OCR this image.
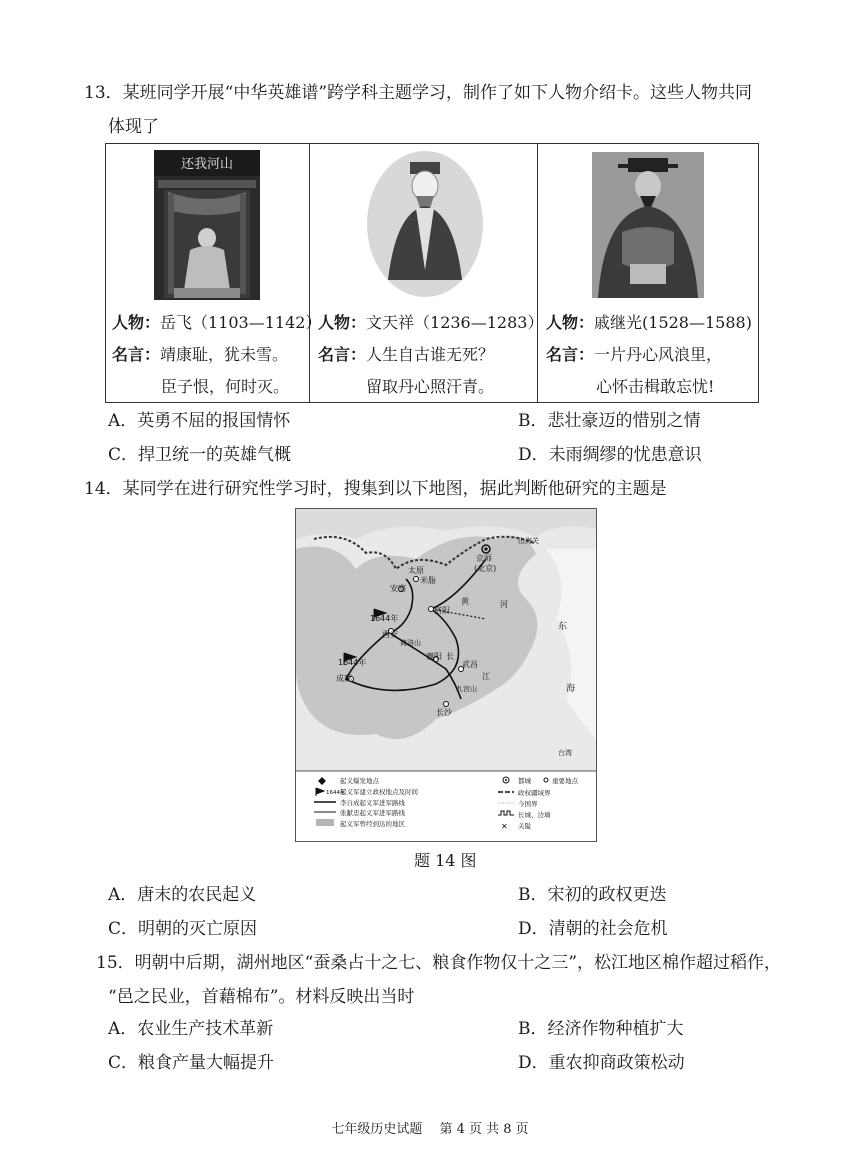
13．某班同学开展“中华英雄谱”跨学科主题学习，制作了如下人物介绍卡。这些人物共同
体现了
还我河山
人物：岳飞（1103—1142）
名言：靖康耻，犹未雪。
臣子恨，何时灭。

人物：文天祥（1236—1283）
名言：人生自古谁无死？
留取丹心照汗青。

人物：戚继光(1528—1588)
名言：一片丹心风浪里，
心怀击楫敢忘忧!
A．英勇不屈的报国情怀	B．悲壮豪迈的惜别之情
C．捍卫统一的英雄气概	D．未雨绸缪的忧患意识
14．某同学在进行研究性学习时，搜集到以下地图，据此判断他研究的主题是
京师
(北京)
太原
米脂
安塞
洛阳
1644年
西安
商洛山
襄阳
武昌
1644年
成都
九宫山
长沙
山海关
黄	河
长
江
东
海
台湾
起义爆发地点
1644年
起义军建立政权地点及时间
李自成起义军进军路线
张献忠起义军进军路线
起义军曾经到达的地区
都城	重要地点
政权疆域界
今国界
长城、边墙
✕ 关隘
题 14 图
A．唐末的农民起义	B．宋初的政权更迭
C．明朝的灭亡原因	D．清朝的社会危机
15．明朝中后期，湖州地区“蚕桑占十之七、粮食作物仅十之三”，松江地区棉作超过稻作，
“邑之民业，首藉棉布”。材料反映出当时
A．农业生产技术革新	B．经济作物种植扩大
C．粮食产量大幅提升	D．重农抑商政策松动
七年级历史试题　 第 4 页 共 8 页
